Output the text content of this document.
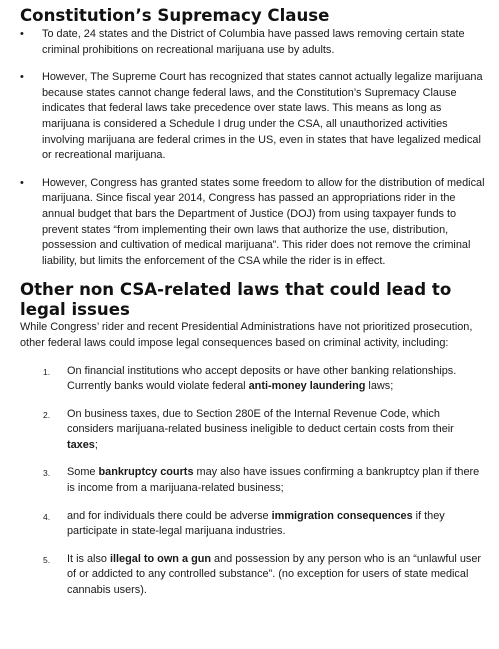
Constitution’s Supremacy Clause
• To date, 24 states and the District of Columbia have passed laws removing certain state criminal prohibitions on recreational marijuana use by adults.
• However, The Supreme Court has recognized that states cannot actually legalize marijuana because states cannot change federal laws, and the Constitution’s Supremacy Clause indicates that federal laws take precedence over state laws. This means as long as marijuana is considered a Schedule I drug under the CSA, all unauthorized activities involving marijuana are federal crimes in the US, even in states that have legalized medical or recreational marijuana.
• However, Congress has granted states some freedom to allow for the distribution of medical marijuana. Since fiscal year 2014, Congress has passed an appropriations rider in the annual budget that bars the Department of Justice (DOJ) from using taxpayer funds to prevent states “from implementing their own laws that authorize the use, distribution, possession and cultivation of medical marijuana”. This rider does not remove the criminal liability, but limits the enforcement of the CSA while the rider is in effect.
Other non CSA-related laws that could lead to legal issues

While Congress’ rider and recent Presidential Administrations have not prioritized prosecution, other federal laws could impose legal consequences based on criminal activity, including:

1. On financial institutions who accept deposits or have other banking relationships. Currently banks would violate federal anti-money laundering laws;
2. On business taxes, due to Section 280E of the Internal Revenue Code, which considers marijuana-related business ineligible to deduct certain costs from their taxes;
3. Some bankruptcy courts may also have issues confirming a bankruptcy plan if there is income from a marijuana-related business;
4. and for individuals there could be adverse immigration consequences if they participate in state-legal marijuana industries.
5. It is also illegal to own a gun and possession by any person who is an “unlawful user of or addicted to any controlled substance”. (no exception for users of state medical cannabis users).
